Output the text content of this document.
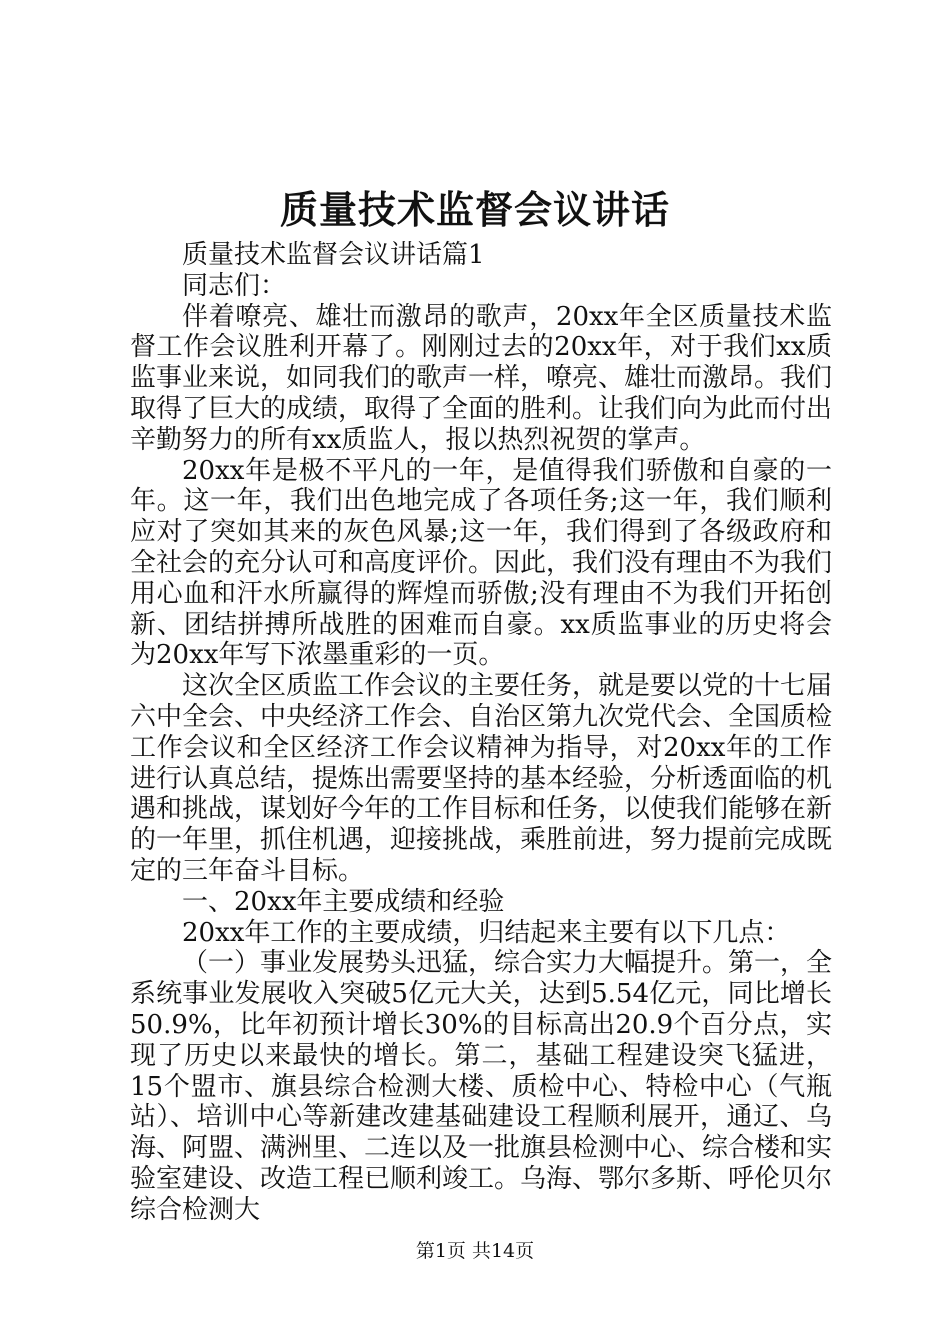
质量技术监督会议讲话

质量技术监督会议讲话篇1

同志们：

伴着嘹亮、雄壮而激昂的歌声，20xx年全区质量技术监督工作会议胜利开幕了。刚刚过去的20xx年，对于我们xx质监事业来说，如同我们的歌声一样，嘹亮、雄壮而激昂。我们取得了巨大的成绩，取得了全面的胜利。让我们向为此而付出辛勤努力的所有xx质监人，报以热烈祝贺的掌声。

20xx年是极不平凡的一年，是值得我们骄傲和自豪的一年。这一年，我们出色地完成了各项任务;这一年，我们顺利应对了突如其来的灰色风暴;这一年，我们得到了各级政府和全社会的充分认可和高度评价。因此，我们没有理由不为我们用心血和汗水所赢得的辉煌而骄傲;没有理由不为我们开拓创新、团结拼搏所战胜的困难而自豪。xx质监事业的历史将会为20xx年写下浓墨重彩的一页。

这次全区质监工作会议的主要任务，就是要以党的十七届六中全会、中央经济工作会、自治区第九次党代会、全国质检工作会议和全区经济工作会议精神为指导，对20xx年的工作进行认真总结，提炼出需要坚持的基本经验，分析透面临的机遇和挑战，谋划好今年的工作目标和任务，以使我们能够在新的一年里，抓住机遇，迎接挑战，乘胜前进，努力提前完成既定的三年奋斗目标。

一、20xx年主要成绩和经验

20xx年工作的主要成绩，归结起来主要有以下几点：

（一）事业发展势头迅猛，综合实力大幅提升。第一，全系统事业发展收入突破5亿元大关，达到5.54亿元，同比增长50.9%，比年初预计增长30%的目标高出20.9个百分点，实现了历史以来最快的增长。第二，基础工程建设突飞猛进，15个盟市、旗县综合检测大楼、质检中心、特检中心（气瓶站）、培训中心等新建改建基础建设工程顺利展开，通辽、乌海、阿盟、满洲里、二连以及一批旗县检测中心、综合楼和实验室建设、改造工程已顺利竣工。乌海、鄂尔多斯、呼伦贝尔综合检测大

第1页 共14页
